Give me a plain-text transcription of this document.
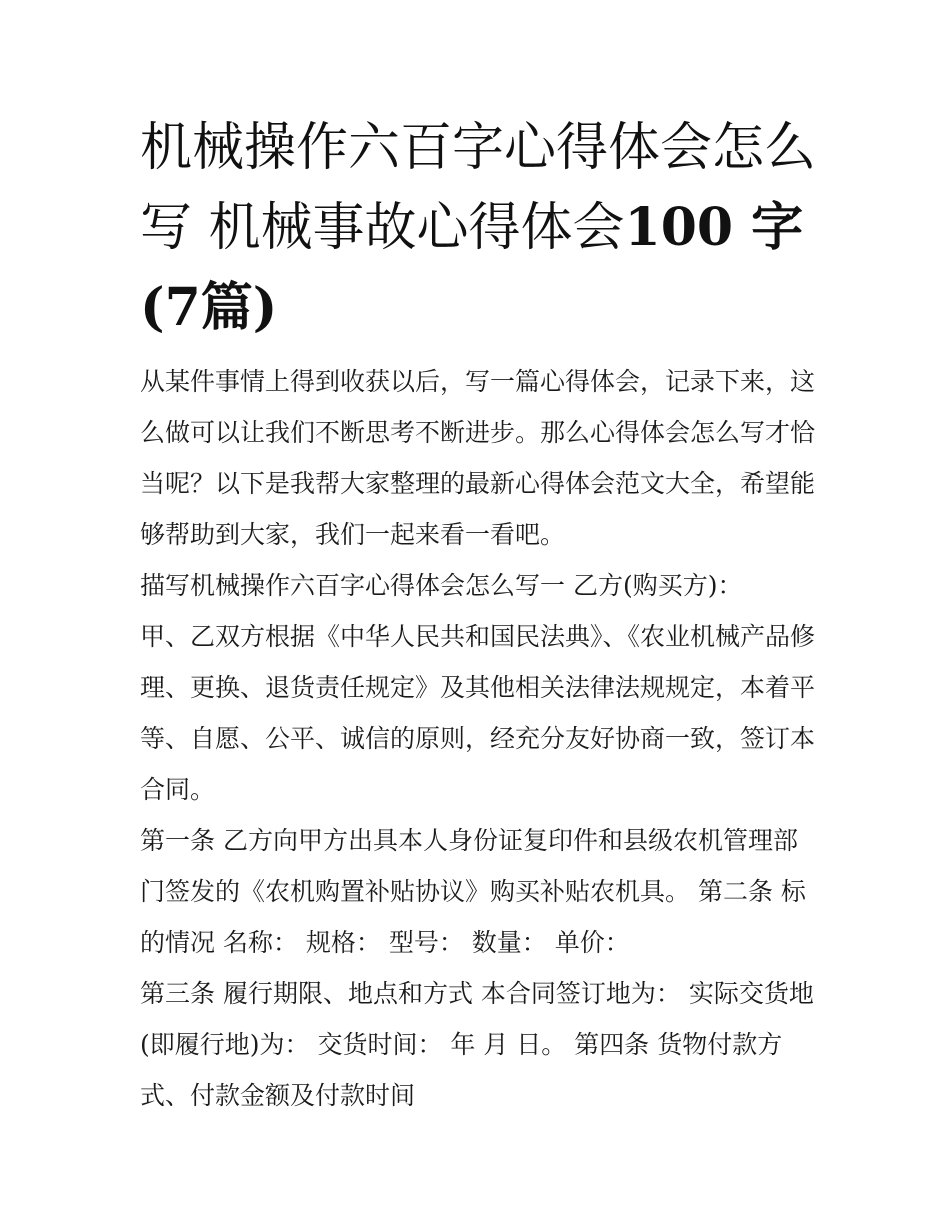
机械操作六百字心得体会怎么写 机械事故心得体会100 字(7篇)

从某件事情上得到收获以后，写一篇心得体会，记录下来，这么做可以让我们不断思考不断进步。那么心得体会怎么写才恰当呢？以下是我帮大家整理的最新心得体会范文大全，希望能够帮助到大家，我们一起来看一看吧。

描写机械操作六百字心得体会怎么写一 乙方(购买方)：

甲、乙双方根据《中华人民共和国民法典》、《农业机械产品修理、更换、退货责任规定》及其他相关法律法规规定，本着平等、自愿、公平、诚信的原则，经充分友好协商一致，签订本合同。

第一条 乙方向甲方出具本人身份证复印件和县级农机管理部门签发的《农机购置补贴协议》购买补贴农机具。 第二条 标的情况 名称： 规格： 型号： 数量： 单价：

第三条 履行期限、地点和方式 本合同签订地为： 实际交货地(即履行地)为： 交货时间： 年 月 日。 第四条 货物付款方式、付款金额及付款时间
